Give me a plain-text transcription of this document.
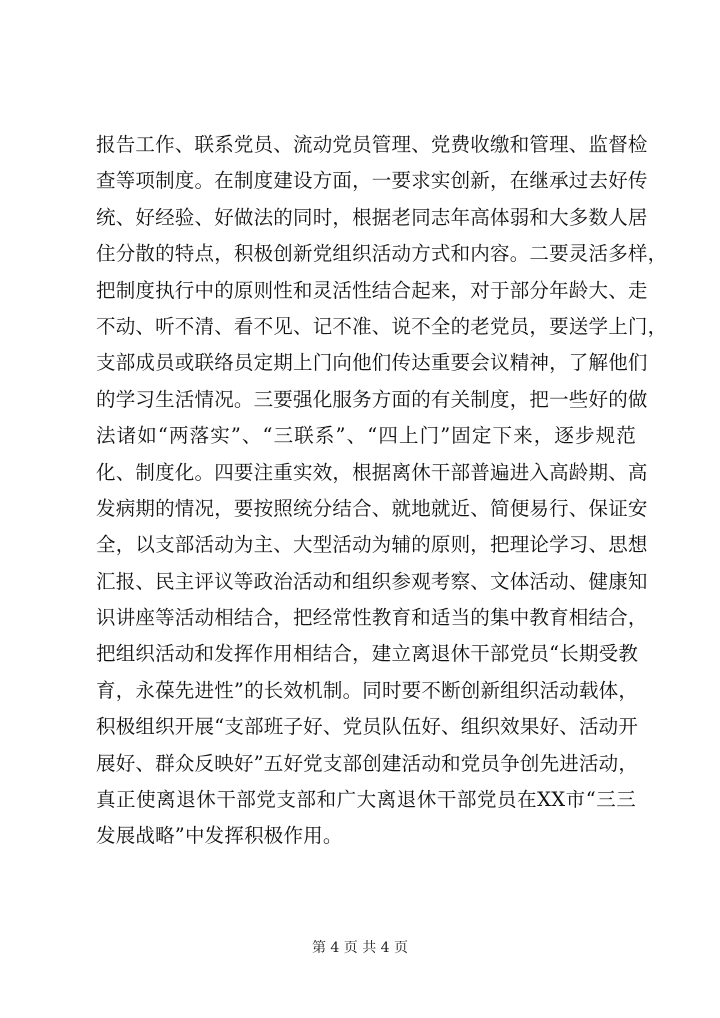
报告工作、联系党员、流动党员管理、党费收缴和管理、监督检
查等项制度。在制度建设方面，一要求实创新，在继承过去好传
统、好经验、好做法的同时，根据老同志年高体弱和大多数人居
住分散的特点，积极创新党组织活动方式和内容。二要灵活多样，
把制度执行中的原则性和灵活性结合起来，对于部分年龄大、走
不动、听不清、看不见、记不准、说不全的老党员，要送学上门，
支部成员或联络员定期上门向他们传达重要会议精神，了解他们
的学习生活情况。三要强化服务方面的有关制度，把一些好的做
法诸如“两落实”、“三联系”、“四上门”固定下来，逐步规范
化、制度化。四要注重实效，根据离休干部普遍进入高龄期、高
发病期的情况，要按照统分结合、就地就近、简便易行、保证安
全，以支部活动为主、大型活动为辅的原则，把理论学习、思想
汇报、民主评议等政治活动和组织参观考察、文体活动、健康知
识讲座等活动相结合，把经常性教育和适当的集中教育相结合，
把组织活动和发挥作用相结合，建立离退休干部党员“长期受教
育，永葆先进性”的长效机制。同时要不断创新组织活动载体，
积极组织开展“支部班子好、党员队伍好、组织效果好、活动开
展好、群众反映好”五好党支部创建活动和党员争创先进活动，
真正使离退休干部党支部和广大离退休干部党员在XX市“三三
发展战略”中发挥积极作用。
第 4 页 共 4 页
